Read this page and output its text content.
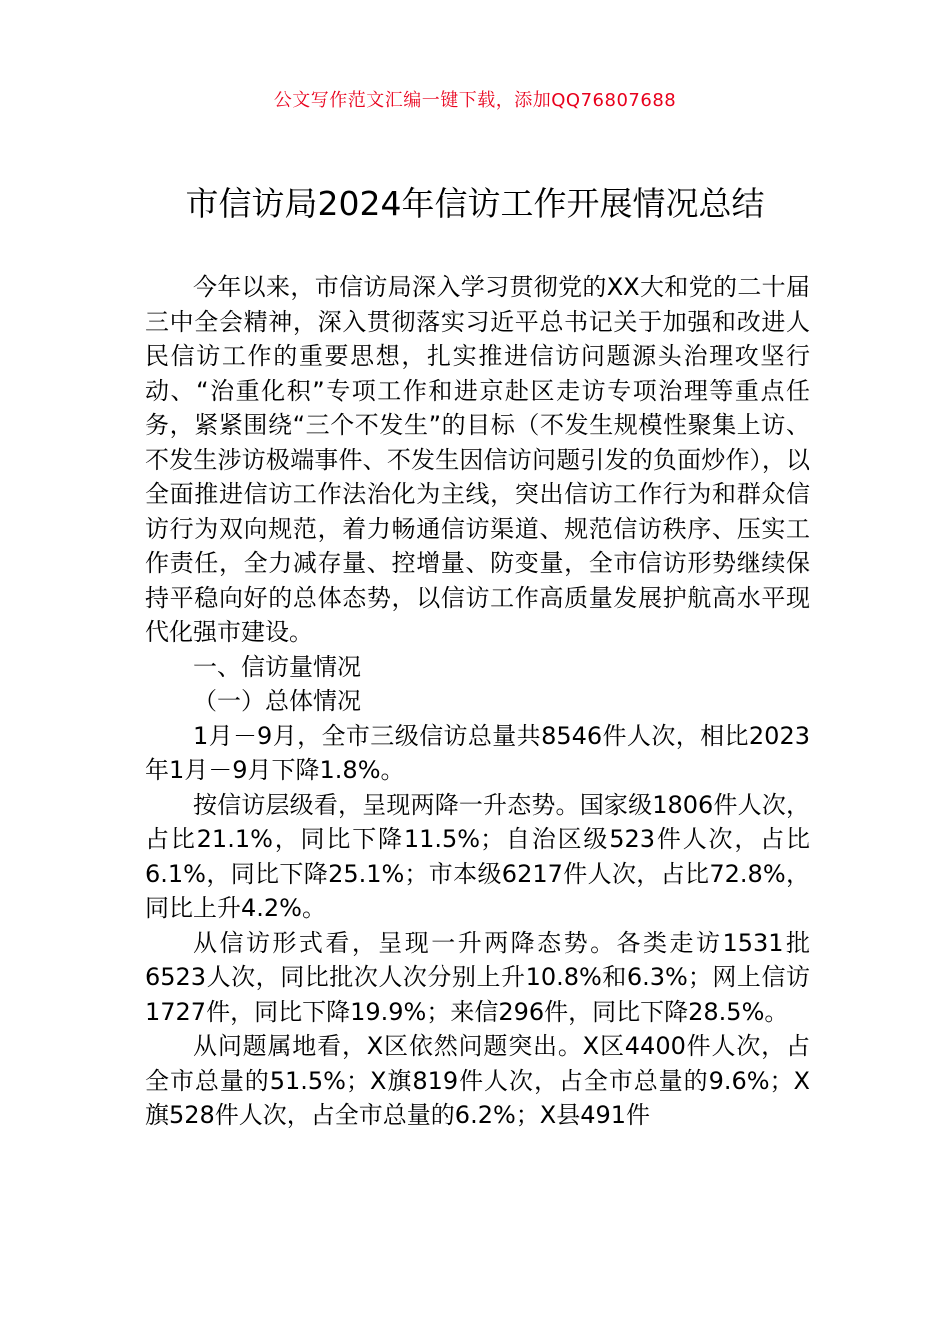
公文写作范文汇编一键下载，添加QQ76807688
市信访局2024年信访工作开展情况总结

今年以来，市信访局深入学习贯彻党的XX大和党的二十届三中全会精神，深入贯彻落实习近平总书记关于加强和改进人民信访工作的重要思想，扎实推进信访问题源头治理攻坚行动、“治重化积”专项工作和进京赴区走访专项治理等重点任务，紧紧围绕“三个不发生”的目标（不发生规模性聚集上访、不发生涉访极端事件、不发生因信访问题引发的负面炒作），以全面推进信访工作法治化为主线，突出信访工作行为和群众信访行为双向规范，着力畅通信访渠道、规范信访秩序、压实工作责任，全力减存量、控增量、防变量，全市信访形势继续保持平稳向好的总体态势，以信访工作高质量发展护航高水平现代化强市建设。

一、信访量情况

（一）总体情况

1月－9月，全市三级信访总量共8546件人次，相比2023年1月－9月下降1.8%。

按信访层级看，呈现两降一升态势。国家级1806件人次，占比21.1%，同比下降11.5%；自治区级523件人次，占比6.1%，同比下降25.1%；市本级6217件人次，占比72.8%，同比上升4.2%。

从信访形式看，呈现一升两降态势。各类走访1531批6523人次，同比批次人次分别上升10.8%和6.3%；网上信访1727件，同比下降19.9%；来信296件，同比下降28.5%。

从问题属地看，X区依然问题突出。X区4400件人次，占全市总量的51.5%；X旗819件人次，占全市总量的9.6%；X旗528件人次，占全市总量的6.2%；X县491件
